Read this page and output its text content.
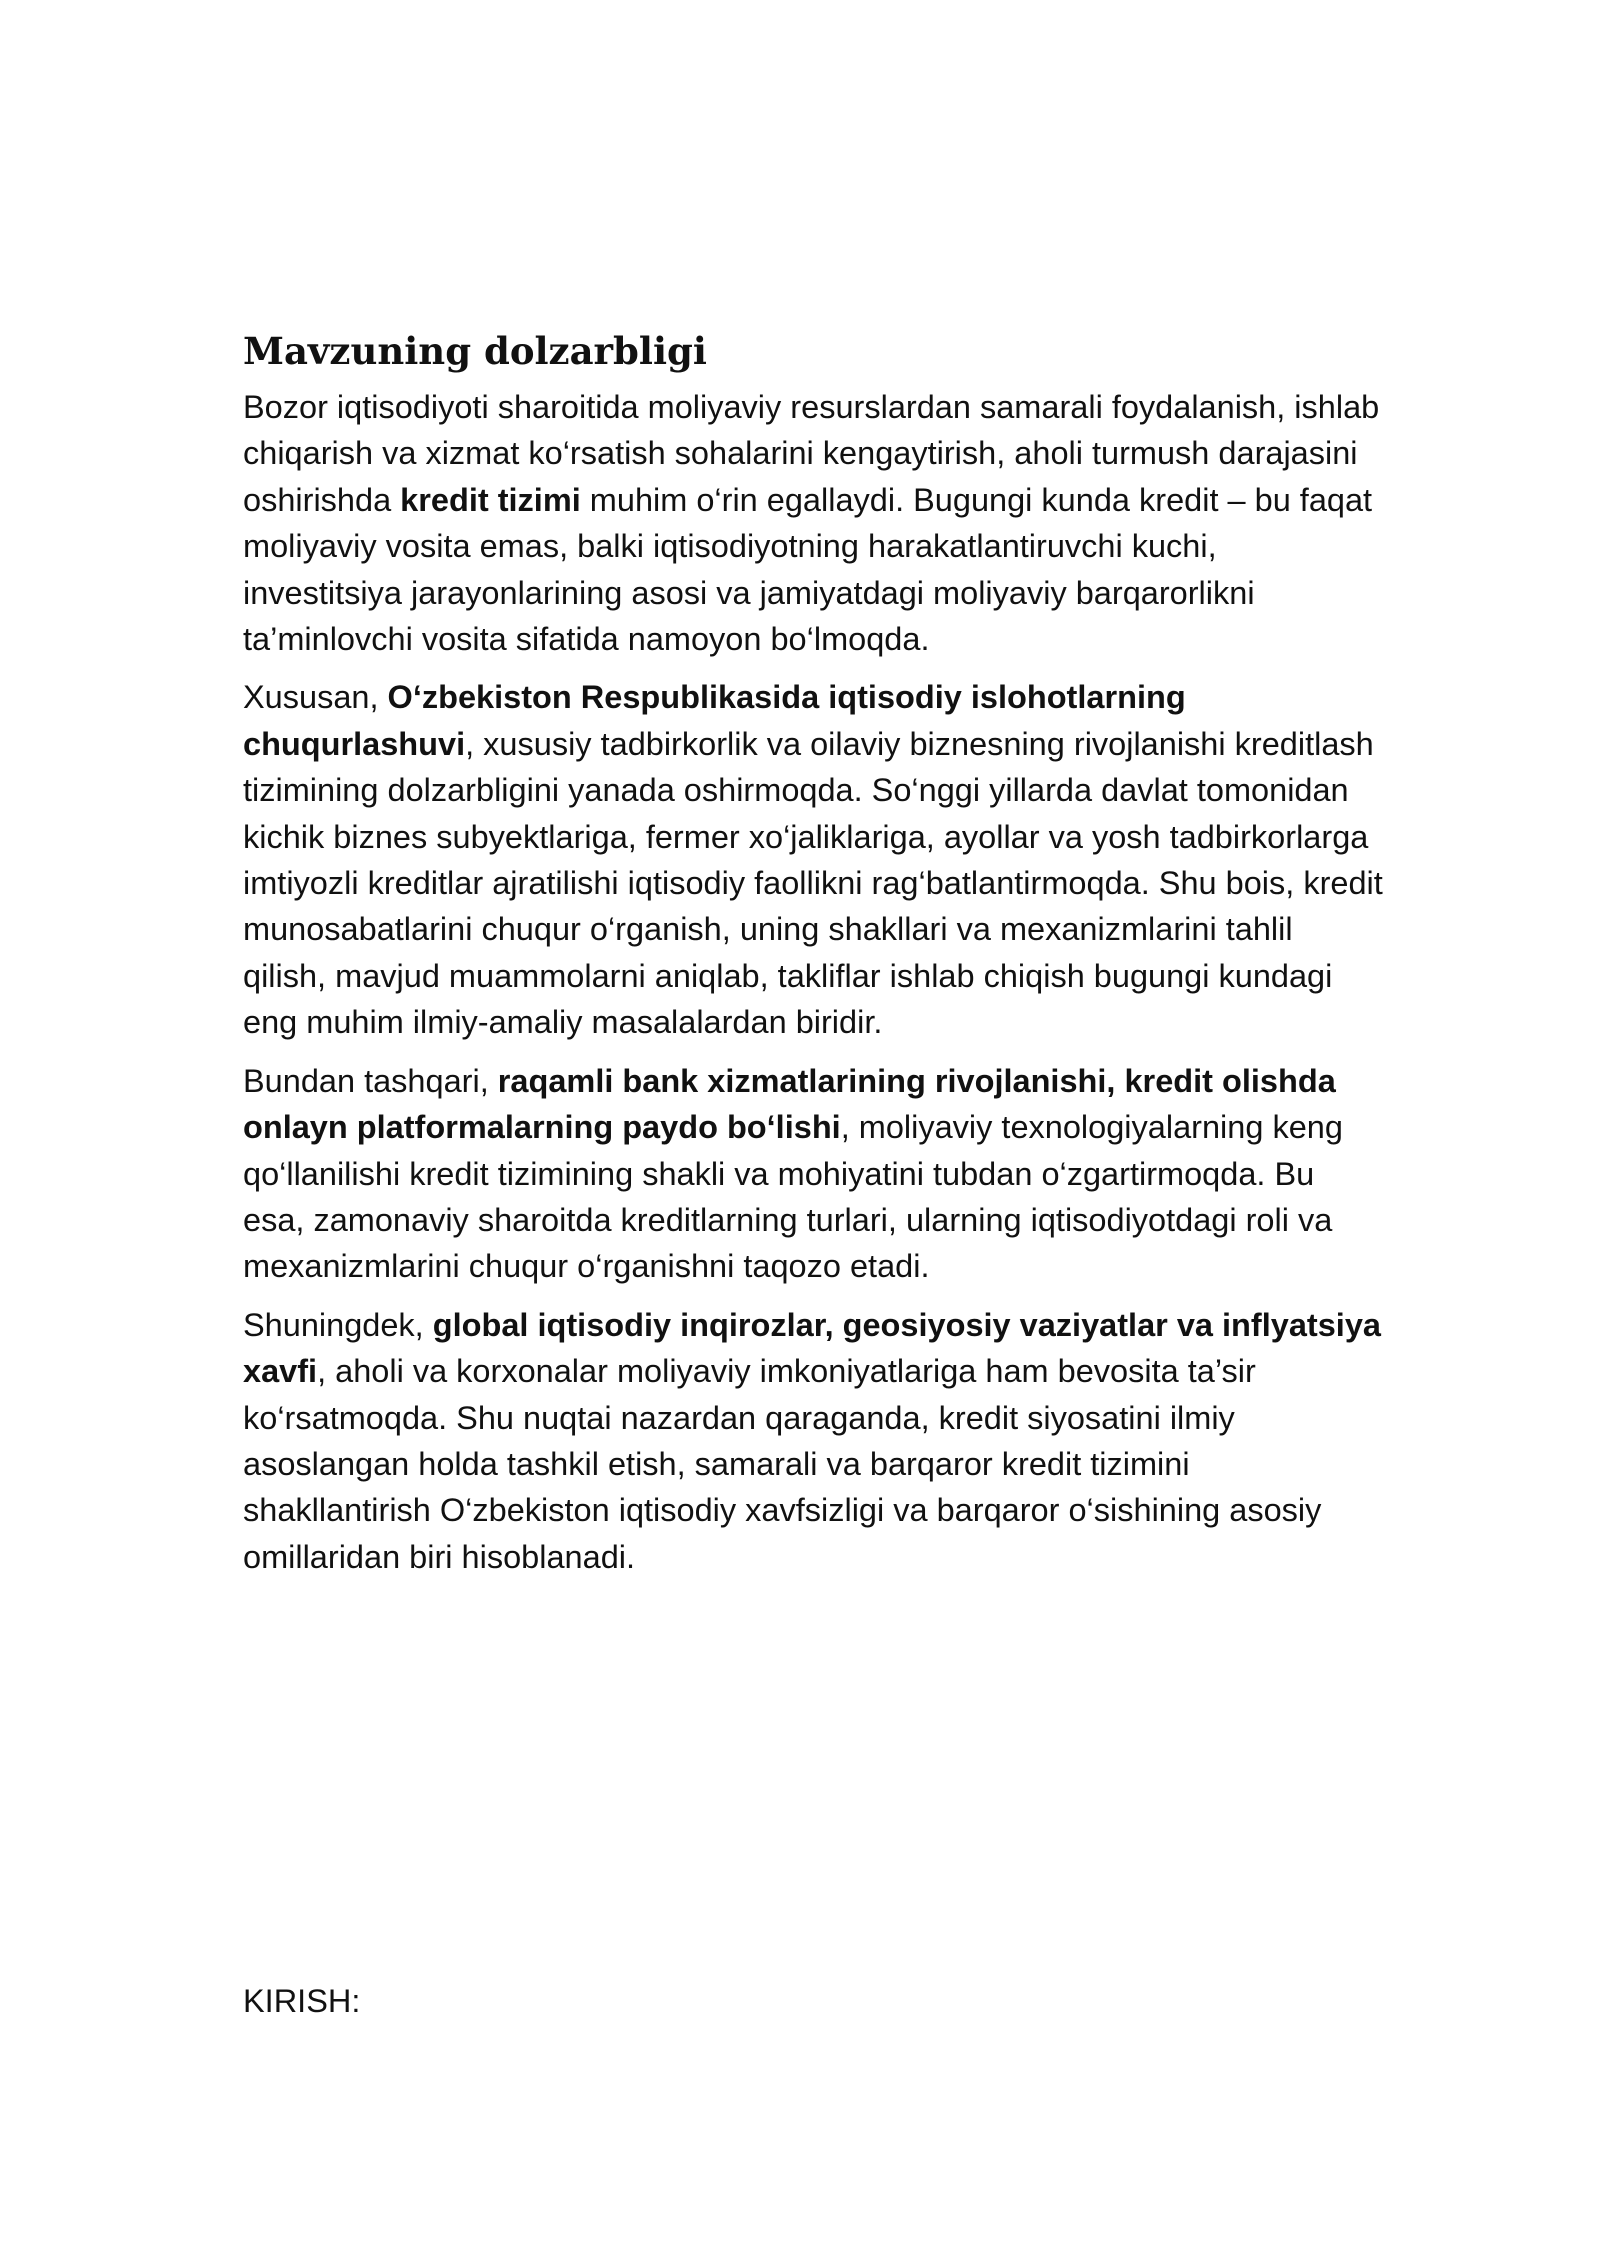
Mavzuning dolzarbligi

Bozor iqtisodiyoti sharoitida moliyaviy resurslardan samarali foydalanish, ishlab chiqarish va xizmat ko‘rsatish sohalarini kengaytirish, aholi turmush darajasini oshirishda kredit tizimi muhim o‘rin egallaydi. Bugungi kunda kredit – bu faqat moliyaviy vosita emas, balki iqtisodiyotning harakatlantiruvchi kuchi, investitsiya jarayonlarining asosi va jamiyatdagi moliyaviy barqarorlikni ta’minlovchi vosita sifatida namoyon bo‘lmoqda.

Xususan, O‘zbekiston Respublikasida iqtisodiy islohotlarning chuqurlashuvi, xususiy tadbirkorlik va oilaviy biznesning rivojlanishi kreditlash tizimining dolzarbligini yanada oshirmoqda. So‘nggi yillarda davlat tomonidan kichik biznes subyektlariga, fermer xo‘jaliklariga, ayollar va yosh tadbirkorlarga imtiyozli kreditlar ajratilishi iqtisodiy faollikni rag‘batlantirmoqda. Shu bois, kredit munosabatlarini chuqur o‘rganish, uning shakllari va mexanizmlarini tahlil qilish, mavjud muammolarni aniqlab, takliflar ishlab chiqish bugungi kundagi eng muhim ilmiy-amaliy masalalardan biridir.

Bundan tashqari, raqamli bank xizmatlarining rivojlanishi, kredit olishda onlayn platformalarning paydo bo‘lishi, moliyaviy texnologiyalarning keng qo‘llanilishi kredit tizimining shakli va mohiyatini tubdan o‘zgartirmoqda. Bu esa, zamonaviy sharoitda kreditlarning turlari, ularning iqtisodiyotdagi roli va mexanizmlarini chuqur o‘rganishni taqozo etadi.

Shuningdek, global iqtisodiy inqirozlar, geosiyosiy vaziyatlar va inflyatsiya xavfi, aholi va korxonalar moliyaviy imkoniyatlariga ham bevosita ta’sir ko‘rsatmoqda. Shu nuqtai nazardan qaraganda, kredit siyosatini ilmiy asoslangan holda tashkil etish, samarali va barqaror kredit tizimini shakllantirish O‘zbekiston iqtisodiy xavfsizligi va barqaror o‘sishining asosiy omillaridan biri hisoblanadi.

KIRISH:
